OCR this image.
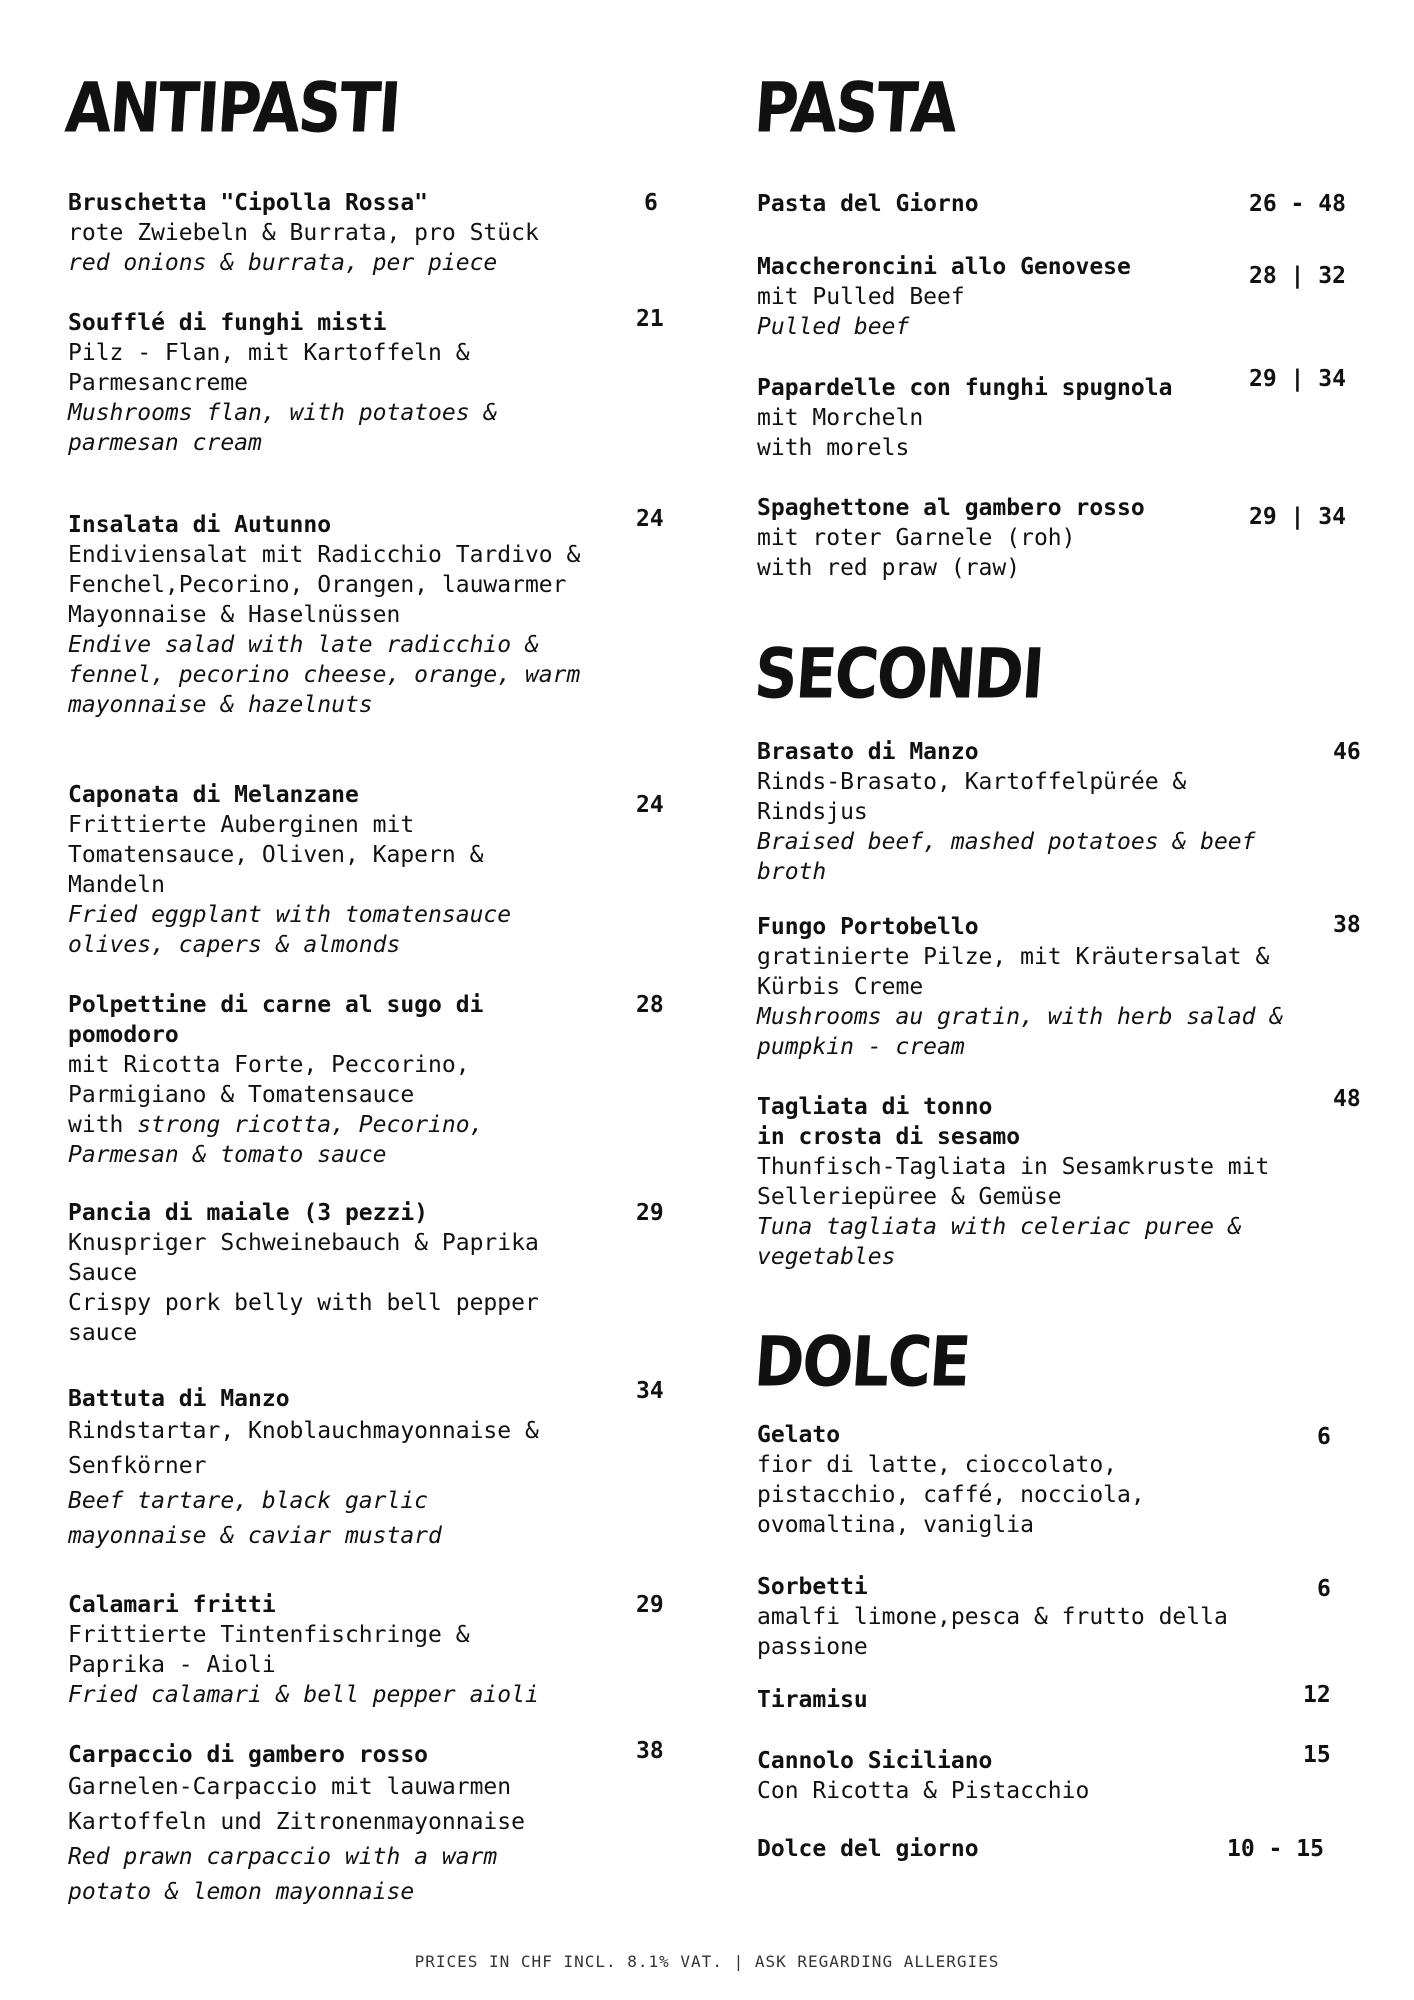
ANTIPASTI
Bruschetta "Cipolla Rossa"
rote Zwiebeln & Burrata, pro Stück
red onions & burrata, per piece
6
Soufflé di funghi misti
Pilz - Flan, mit Kartoffeln & Parmesancreme
Mushrooms flan, with potatoes & parmesan cream
21
Insalata di Autunno
Endiviensalat mit Radicchio Tardivo & Fenchel,Pecorino, Orangen, lauwarmer Mayonnaise & Haselnüssen
Endive salad with late radicchio & fennel, pecorino cheese, orange, warm mayonnaise & hazelnuts
24
Caponata di Melanzane
Frittierte Auberginen mit Tomatensauce, Oliven, Kapern & Mandeln
Fried eggplant with tomatensauce olives, capers & almonds
24
Polpettine di carne al sugo di pomodoro
mit Ricotta Forte, Peccorino, Parmigiano & Tomatensauce
with strong ricotta, Pecorino, Parmesan & tomato sauce
28
Pancia di maiale (3 pezzi)
Knuspriger Schweinebauch & Paprika Sauce
Crispy pork belly with bell pepper sauce
29
Battuta di Manzo
Rindstartar, Knoblauchmayonnaise & Senfkörner
Beef tartare, black garlic mayonnaise & caviar mustard
34
Calamari fritti
Frittierte Tintenfischringe & Paprika - Aioli
Fried calamari & bell pepper aioli
29
Carpaccio di gambero rosso
Garnelen-Carpaccio mit lauwarmen Kartoffeln und Zitronenmayonnaise
Red prawn carpaccio with a warm potato & lemon mayonnaise
38
PASTA
Pasta del Giorno	26 - 48
Maccheroncini allo Genovese
mit Pulled Beef
Pulled beef
28 | 32
Papardelle con funghi spugnola
mit Morcheln
with morels
29 | 34
Spaghettone al gambero rosso
mit roter Garnele (roh)
with red praw (raw)
29 | 34
SECONDI
Brasato di Manzo
Rinds-Brasato, Kartoffelpürée & Rindsjus
Braised beef, mashed potatoes & beef broth
46
Fungo Portobello
gratinierte Pilze, mit Kräutersalat & Kürbis Creme
Mushrooms au gratin, with herb salad & pumpkin - cream
38
Tagliata di tonno
in crosta di sesamo
Thunfisch-Tagliata in Sesamkruste mit Selleriepüree & Gemüse
Tuna tagliata with celeriac puree & vegetables
48
DOLCE
Gelato
fior di latte, cioccolato, pistacchio, caffé, nocciola, ovomaltina, vaniglia
6
Sorbetti
amalfi limone,pesca & frutto della passione
6
Tiramisu	12
Cannolo Siciliano
Con Ricotta & Pistacchio
15
Dolce del giorno	10 - 15
PRICES IN CHF INCL. 8.1% VAT. | ASK REGARDING ALLERGIES
